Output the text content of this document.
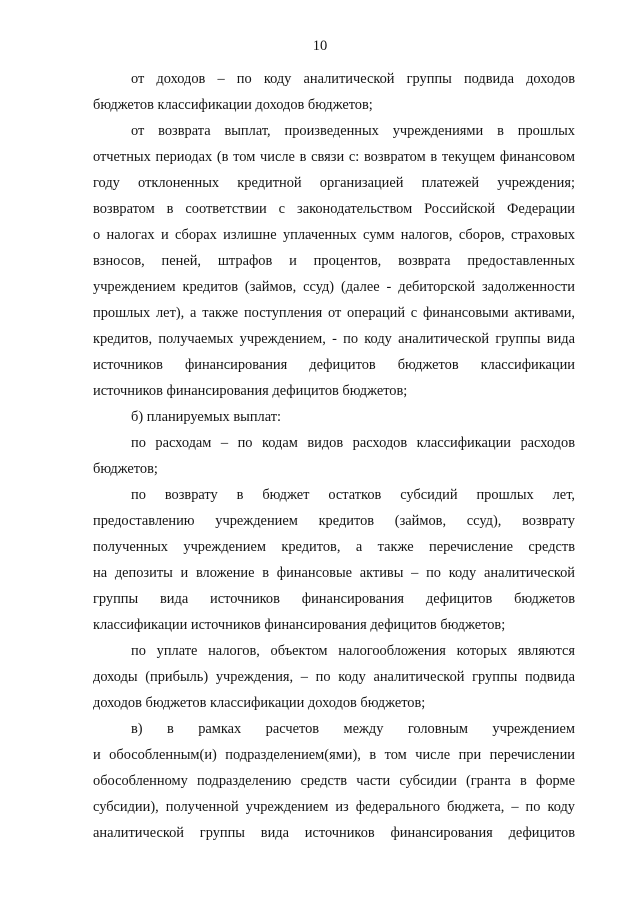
10
от доходов – по коду аналитической группы подвида доходов
бюджетов классификации доходов бюджетов;
от возврата выплат, произведенных учреждениями в прошлых
отчетных периодах (в том числе в связи с: возвратом в текущем финансовом
году отклоненных кредитной организацией платежей учреждения;
возвратом в соответствии с законодательством Российской Федерации
о налогах и сборах излишне уплаченных сумм налогов, сборов, страховых
взносов, пеней, штрафов и процентов, возврата предоставленных
учреждением кредитов (займов, ссуд) (далее - дебиторской задолженности
прошлых лет), а также поступления от операций с финансовыми активами,
кредитов, получаемых учреждением, - по коду аналитической группы вида
источников финансирования дефицитов бюджетов классификации
источников финансирования дефицитов бюджетов;
б) планируемых выплат:
по расходам – по кодам видов расходов классификации расходов
бюджетов;
по возврату в бюджет остатков субсидий прошлых лет,
предоставлению учреждением кредитов (займов, ссуд), возврату
полученных учреждением кредитов, а также перечисление средств
на депозиты и вложение в финансовые активы – по коду аналитической
группы вида источников финансирования дефицитов бюджетов
классификации источников финансирования дефицитов бюджетов;
по уплате налогов, объектом налогообложения которых являются
доходы (прибыль) учреждения, – по коду аналитической группы подвида
доходов бюджетов классификации доходов бюджетов;
в) в рамках расчетов между головным учреждением
и обособленным(и) подразделением(ями), в том числе при перечислении
обособленному подразделению средств части субсидии (гранта в форме
субсидии), полученной учреждением из федерального бюджета, – по коду
аналитической группы вида источников финансирования дефицитов
